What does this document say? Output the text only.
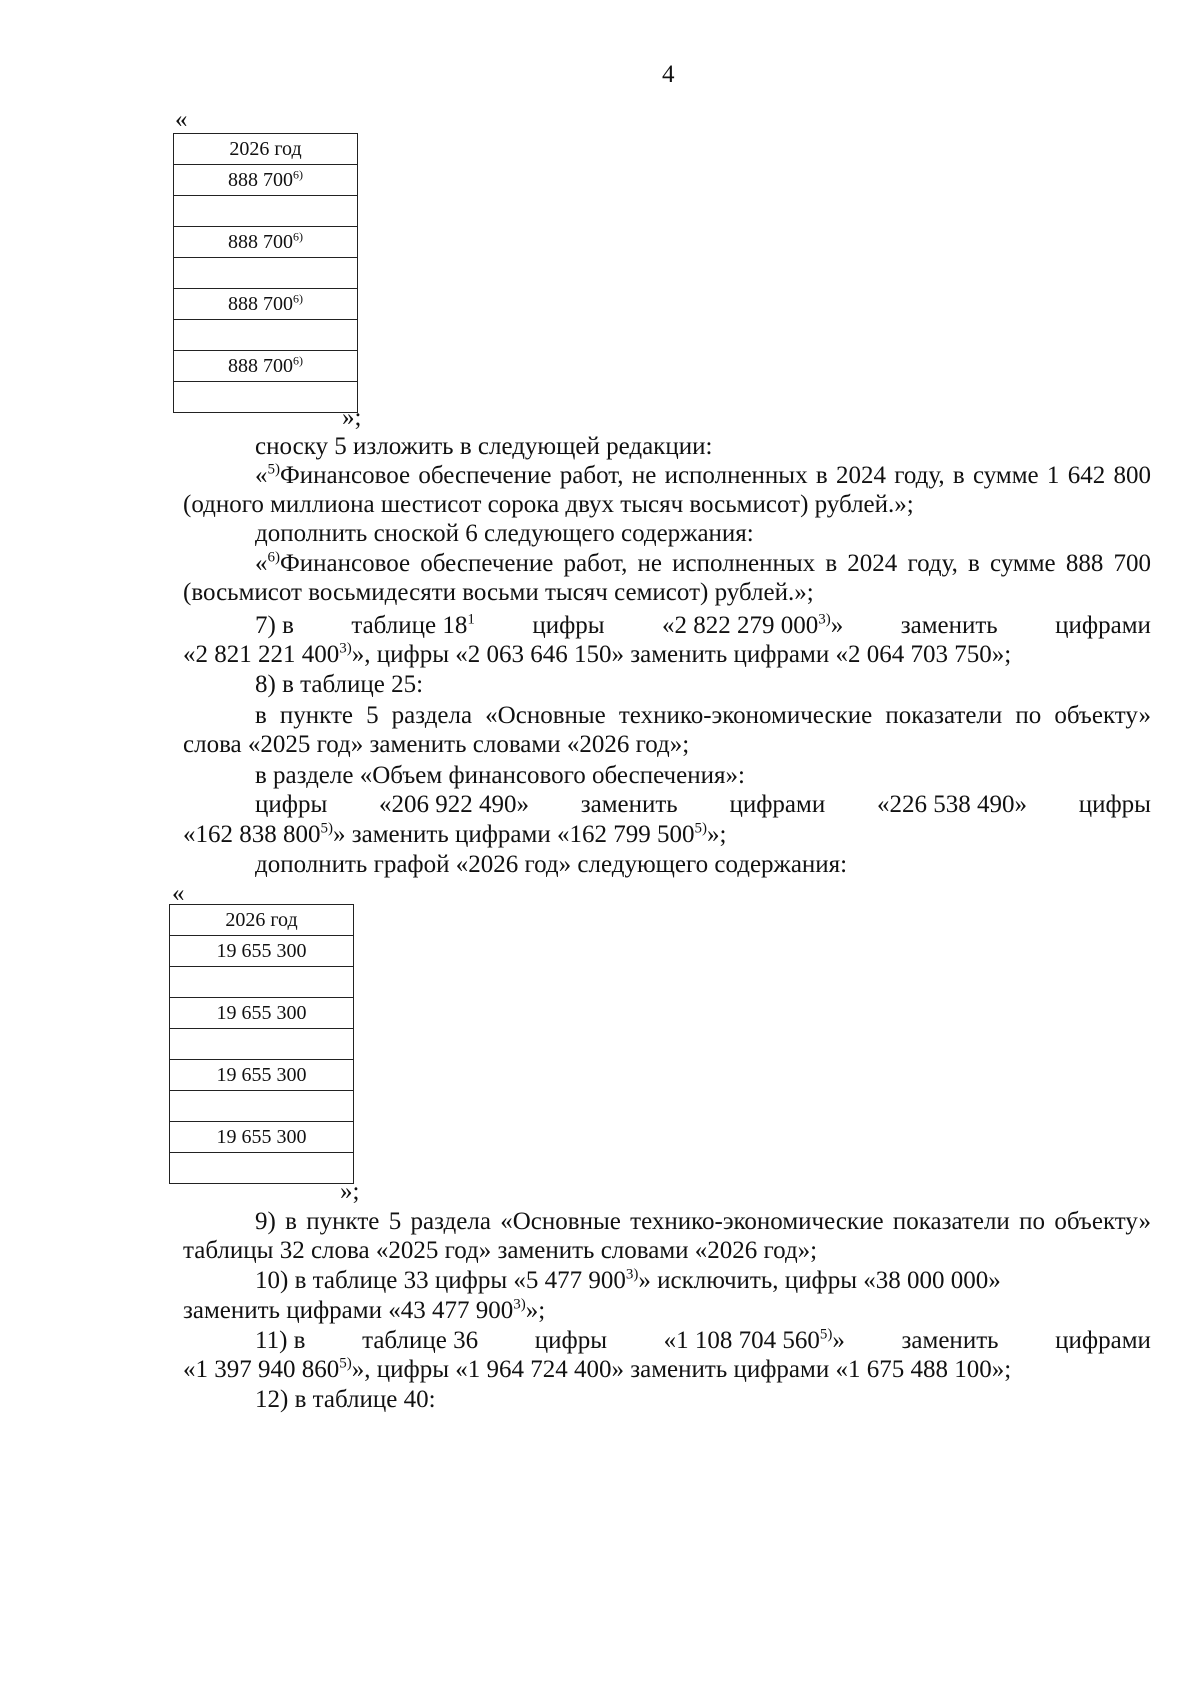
4
«
2026 год
888 700$^{6)}$

888 700$^{6)}$

888 700$^{6)}$

888 700$^{6)}$

»;
сноску 5 изложить в следующей редакции:
«$^{5)}$Финансовое обеспечение работ, не исполненных в 2024 году, в сумме 1 642 800 (одного миллиона шестисот сорока двух тысяч восьмисот) рублей.»;
дополнить сноской 6 следующего содержания:
«$^{6)}$Финансовое обеспечение работ, не исполненных в 2024 году, в сумме 888 700 (восьмисот восьмидесяти восьми тысяч семисот) рублей.»;
7) в таблице $18^1$ цифры «2 822 279 000$^{3)}$» заменить цифрами
«2 821 221 400$^{3)}$», цифры «2 063 646 150» заменить цифрами «2 064 703 750»;
8) в таблице 25:
в пункте 5 раздела «Основные технико-экономические показатели по объекту» слова «2025 год» заменить словами «2026 год»;
в разделе «Объем финансового обеспечения»:
цифры «206 922 490» заменить цифрами «226 538 490» цифры
«162 838 800$^{5)}$» заменить цифрами «162 799 500$^{5)}$»;
дополнить графой «2026 год» следующего содержания:
«
2026 год
19 655 300

19 655 300

19 655 300

19 655 300

»;
9) в пункте 5 раздела «Основные технико-экономические показатели по объекту» таблицы 32 слова «2025 год» заменить словами «2026 год»;
10) в таблице 33 цифры «5 477 900$^{3)}$» исключить, цифры «38 000 000»
заменить цифрами «43 477 900$^{3)}$»;
11) в таблице 36 цифры «1 108 704 560$^{5)}$» заменить цифрами
«1 397 940 860$^{5)}$», цифры «1 964 724 400» заменить цифрами «1 675 488 100»;
12) в таблице 40:
